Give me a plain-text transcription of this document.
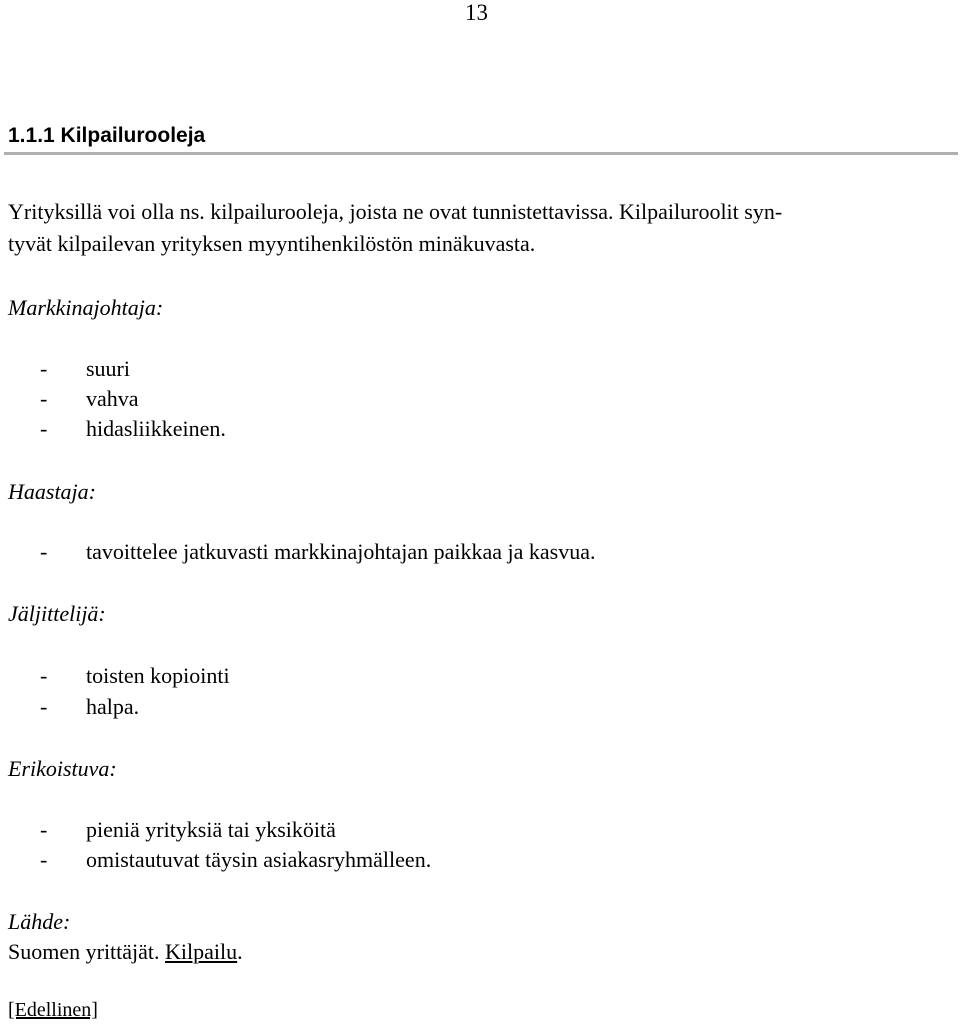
13
1.1.1 Kilpailurooleja
Yrityksillä voi olla ns. kilpailurooleja, joista ne ovat tunnistettavissa. Kilpailuroolit syn-
tyvät kilpailevan yrityksen myyntihenkilöstön minäkuvasta.
Markkinajohtaja:
- suuri
- vahva
- hidasliikkeinen.
Haastaja:
- tavoittelee jatkuvasti markkinajohtajan paikkaa ja kasvua.
Jäljittelijä:
- toisten kopiointi
- halpa.
Erikoistuva:
- pieniä yrityksiä tai yksiköitä
- omistautuvat täysin asiakasryhmälleen.
Lähde:
Suomen yrittäjät. Kilpailu.
[Edellinen]
